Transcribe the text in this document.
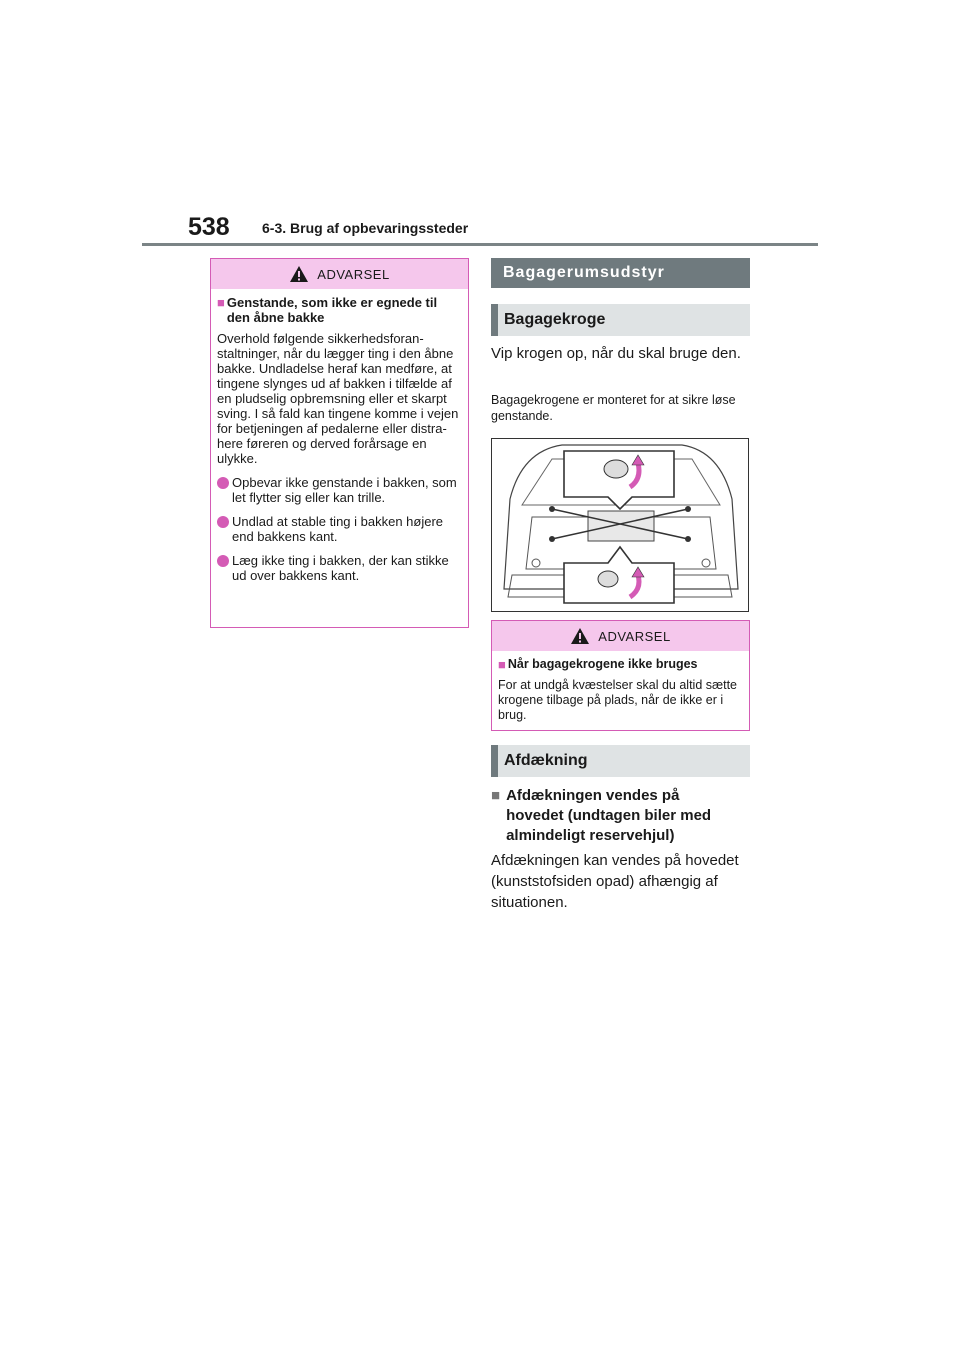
538 6-3. Brug af opbevaringssteder
ADVARSEL
■ Genstande, som ikke er egnede til den åbne bakke

Overhold følgende sikkerhedsforanstaltninger, når du lægger ting i den åbne bakke. Undladelse heraf kan medføre, at tingene slynges ud af bakken i tilfælde af en pludselig opbremsning eller et skarpt sving. I så fald kan tingene komme i vejen for betjeningen af pedalerne eller distrahere føreren og derved forårsage en ulykke.

Opbevar ikke genstande i bakken, som let flytter sig eller kan trille.
Undlad at stable ting i bakken højere end bakkens kant.
Læg ikke ting i bakken, der kan stikke ud over bakkens kant.
Bagagerumsudstyr
Bagagekroge
Vip krogen op, når du skal bruge den.
Bagagekrogene er monteret for at sikre løse genstande.
ADVARSEL
■ Når bagagekrogene ikke bruges

For at undgå kvæstelser skal du altid sætte krogene tilbage på plads, når de ikke er i brug.

Afdækning
■ Afdækningen vendes på hovedet (undtagen biler med almindeligt reservehjul)
Afdækningen kan vendes på hovedet (kunststofsiden opad) afhængig af situationen.
